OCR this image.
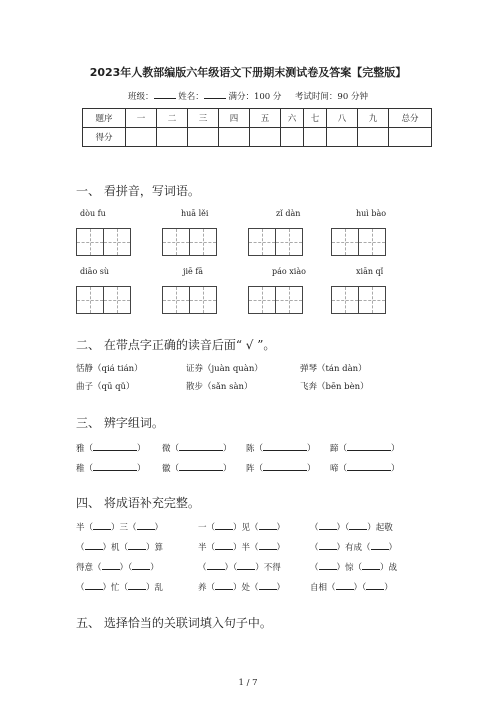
2023年人教部编版六年级语文下册期末测试卷及答案【完整版】
班级：	姓名：	满分：100 分 考试时间：90 分钟
题序	一	二	三	四	五	六	七	八	九	总分
得分										
一、 看拼音，写词语。
dòu fu	huā lěi	zǐ dàn	huì bào
diāo sù	jiē fā	páo xiào	xiān qǐ
二、 在带点字正确的读音后面“ √ ”。
恬静（qiá tián）	证券（juàn quàn）	弹琴（tán dàn）
曲子（qū qǔ）	散步（sǎn sàn）	飞奔（bēn bèn）
三、 辨字组词。
雅（	） 微（	） 陈（	） 蹄（	）
稚（	） 徽（	） 阵（	） 啼（	）
四、 将成语补充完整。
半（ ）三（ ）	一（ ）见（ ）	（ ）（ ）起敬
（ ）机（ ）算	半（ ）半（ ）	（ ）有成（ ）
得意（ ）（ ）	（ ）（ ）不得	（ ）惊（ ）战
（ ）忙（ ）乱	养（ ）处（ ）	自相（ ）（ ）
五、 选择恰当的关联词填入句子中。
1 / 7
